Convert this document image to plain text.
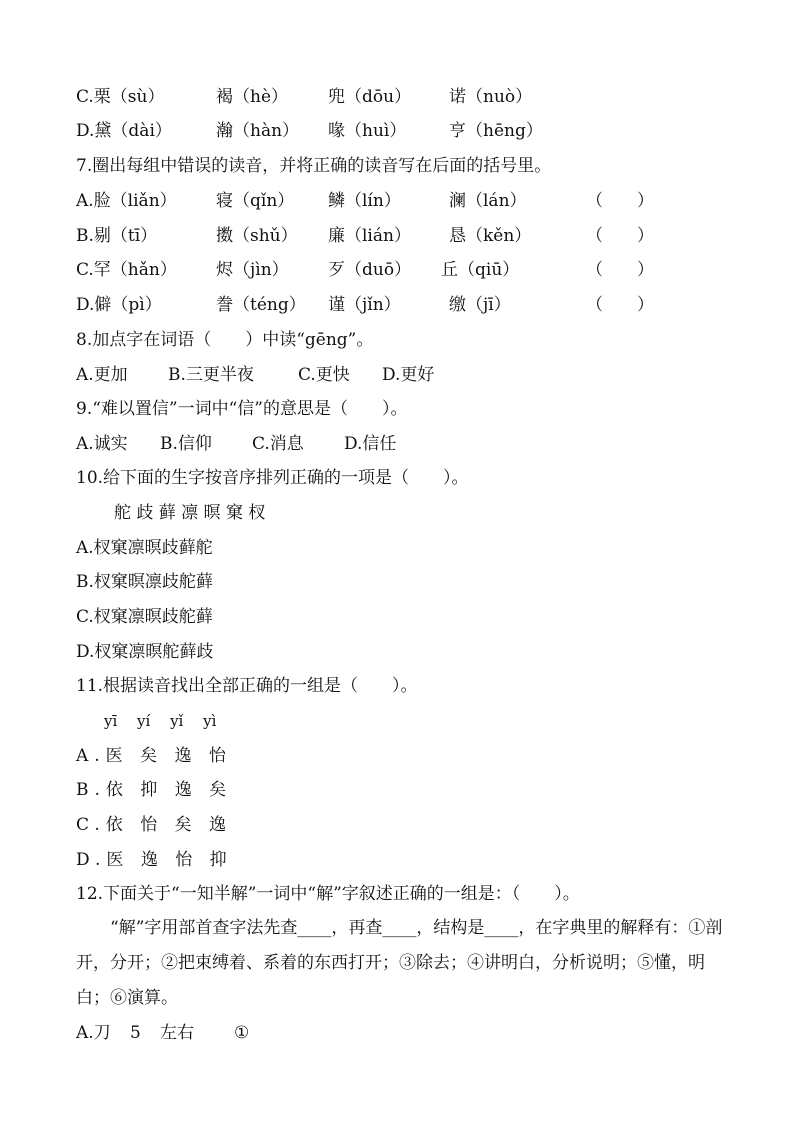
C.栗（sù）	褐（hè） 兜（dōu） 诺（nuò）
D.黛（dài）	瀚（hàn） 喙（huì）	亨（hēng）
7.圈出每组中错误的读音，并将正确的读音写在后面的括号里。
A.脸（liǎn） 寝（qǐn） 鳞（lín）	澜（lán）	（　　）
B.剔（tī）	擞（shǔ） 廉（lián） 恳（kěn）	（　　）
C.罕（hǎn） 烬（jìn） 歹（duō） 丘（qiū）	（　　）
D.僻（pì）	誊（téng） 谨（jǐn）	缴（jī）	（　　）
8.加点字在词语（　　）中读“gēng”。
A.更加 B.三更半夜	C.更快 D.更好
9.“难以置信”一词中“信”的意思是（　　）。
A.诚实 B.信仰 C.消息 D.信任
10.给下面的生字按音序排列正确的一项是（　　）。
舵 歧 藓 凛 暝 窠 杈
A.杈窠凛暝歧藓舵
B.杈窠暝凛歧舵藓
C.杈窠凛暝歧舵藓
D.杈窠凛暝舵藓歧
11.根据读音找出全部正确的一组是（　　）。
yī　 yí　 yǐ　 yì
A.医 矣 逸 怡
B.依 抑 逸 矣
C.依 怡 矣 逸
D.医 逸 怡 抑
12.下面关于“一知半解”一词中“解”字叙述正确的一组是：（　　）。
“解”字用部首查字法先查____，再查____，结构是____，在字典里的解释有：①剖开，分开；②把束缚着、系着的东西打开；③除去；④讲明白，分析说明；⑤懂，明白；⑥演算。
A.刀 5 左右 ①
